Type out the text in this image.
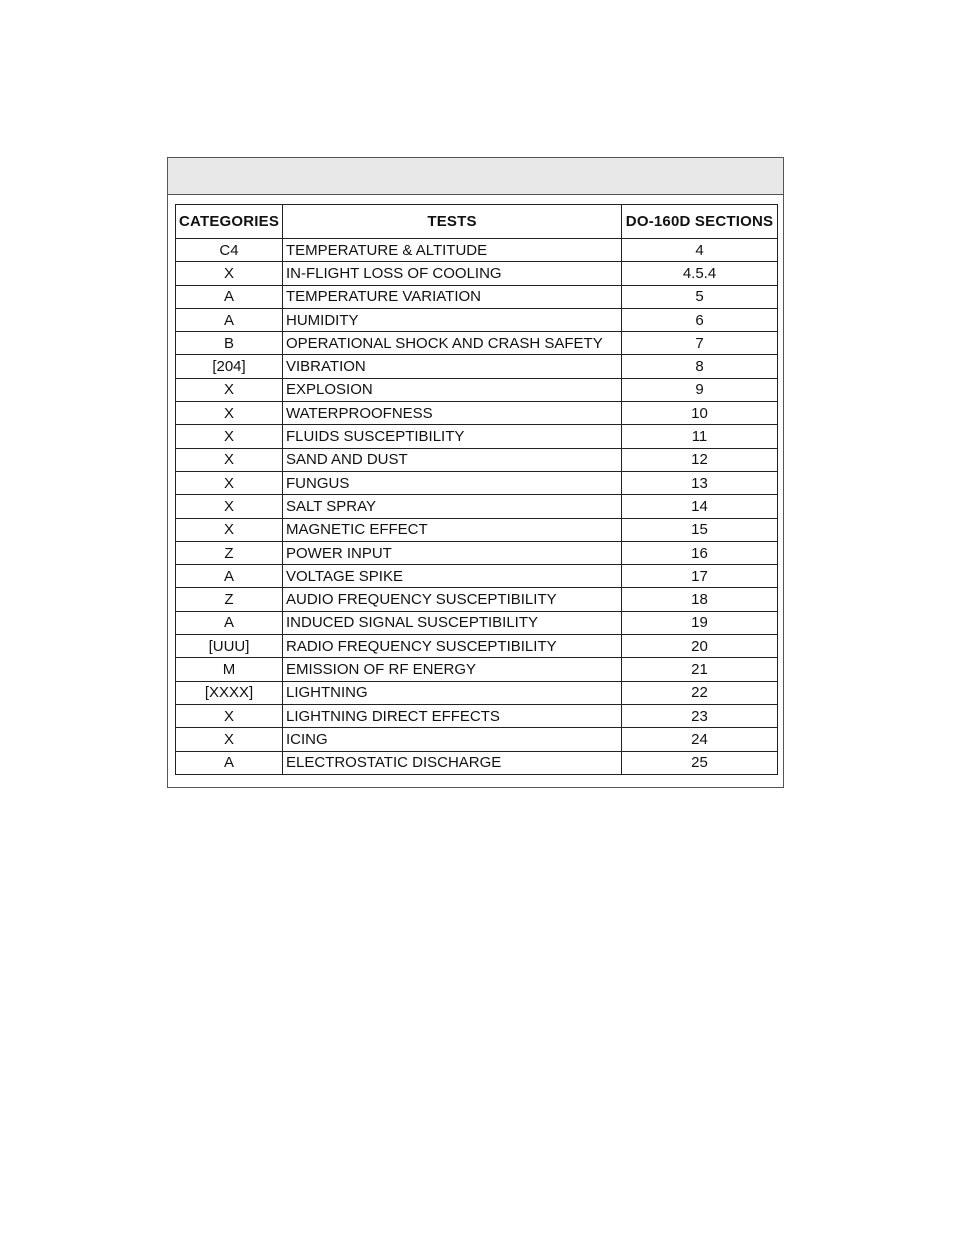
CATEGORIES	TESTS	DO-160D SECTIONS
C4	TEMPERATURE & ALTITUDE	4
X	IN-FLIGHT LOSS OF COOLING	4.5.4
A	TEMPERATURE VARIATION	5
A	HUMIDITY	6
B	OPERATIONAL SHOCK AND CRASH SAFETY	7
[204]	VIBRATION	8
X	EXPLOSION	9
X	WATERPROOFNESS	10
X	FLUIDS SUSCEPTIBILITY	11
X	SAND AND DUST	12
X	FUNGUS	13
X	SALT SPRAY	14
X	MAGNETIC EFFECT	15
Z	POWER INPUT	16
A	VOLTAGE SPIKE	17
Z	AUDIO FREQUENCY SUSCEPTIBILITY	18
A	INDUCED SIGNAL SUSCEPTIBILITY	19
[UUU]	RADIO FREQUENCY SUSCEPTIBILITY	20
M	EMISSION OF RF ENERGY	21
[XXXX]	LIGHTNING	22
X	LIGHTNING DIRECT EFFECTS	23
X	ICING	24
A	ELECTROSTATIC DISCHARGE	25
